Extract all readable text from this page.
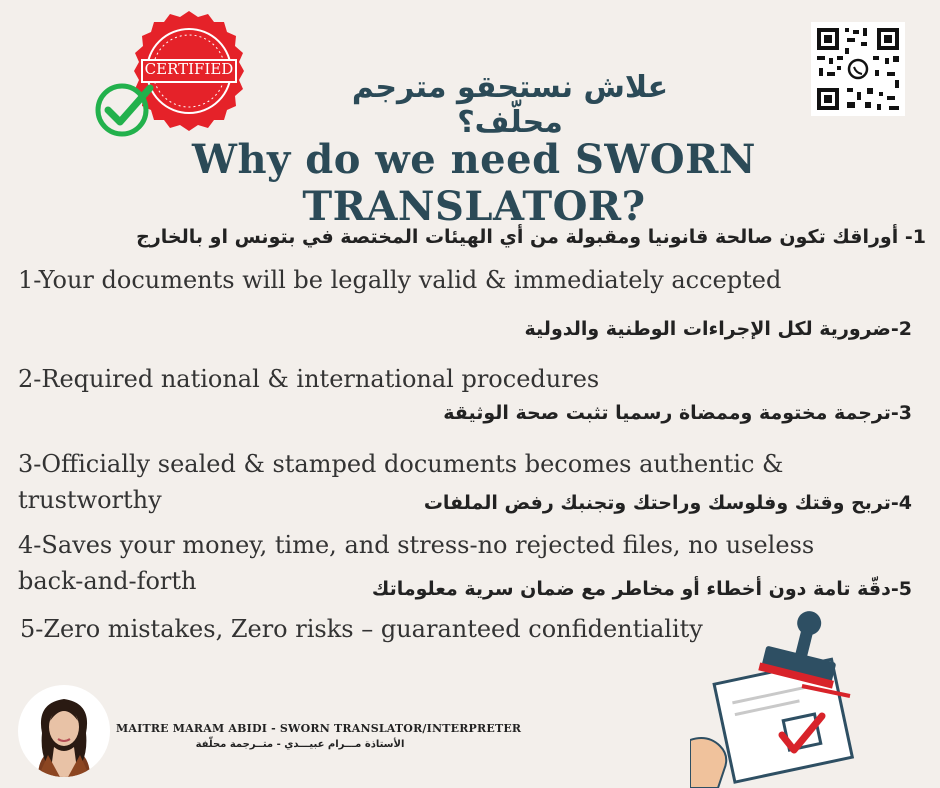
CERTIFIED
علاش نستحقو مترجم محلّف؟
Why do we need SWORN TRANSLATOR?
1- أوراقك تكون صالحة قانونيا ومقبولة من أي الهيئات المختصة في بتونس او بالخارج
1-Your documents will be legally valid & immediately accepted
2-ضرورية لكل الإجراءات الوطنية والدولية
2-Required national & international procedures
3-ترجمة مختومة وممضاة رسميا تثبت صحة الوثيقة
3-Officially sealed & stamped documents becomes authentic &
trustworthy	4-تربح وقتك وفلوسك وراحتك وتجنبك رفض الملفات
4-Saves your money, time, and stress-no rejected files, no useless
back-and-forth	5-دقّة تامة دون أخطاء أو مخاطر مع ضمان سرية معلوماتك
5-Zero mistakes, Zero risks – guaranteed confidentiality
MAITRE MARAM ABIDI - SWORN TRANSLATOR/INTERPRETER
الأستاذة مـــرام عبيـــدي - متــرجمة محلّفة
